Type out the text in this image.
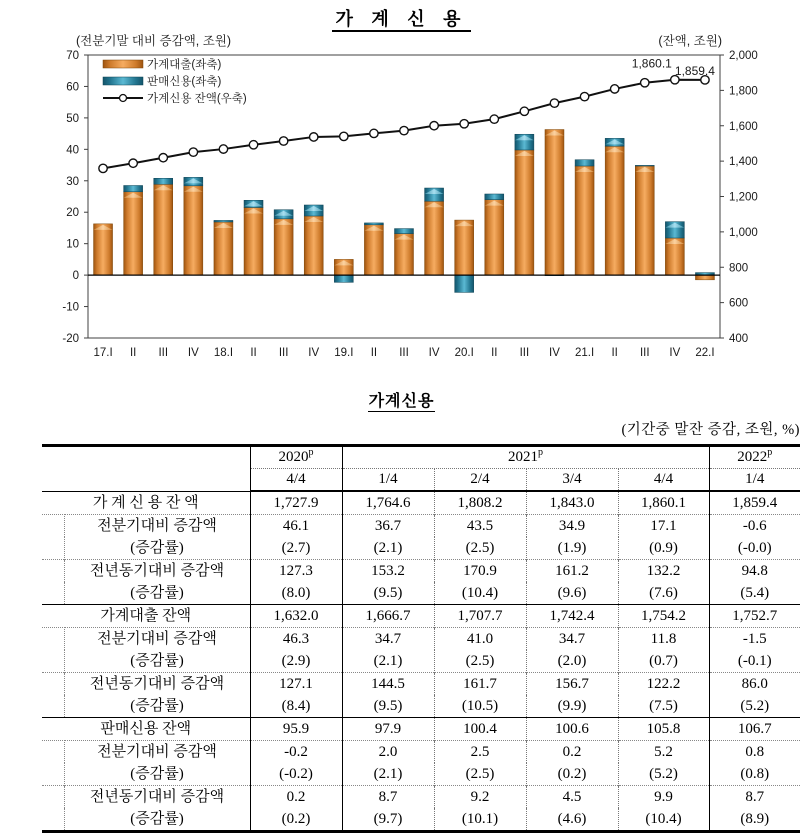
가 계 신 용
(전분기말 대비 증감액, 조원)	(잔액, 조원)
70
60
50
40
30
20
10
0
-10
-20
2,000
1,800
1,600
1,400
1,200
1,000
800
600
400
17.I II III IV 18.I II III IV 19.I II III IV 20.I II III IV 21.I II III IV 22.I
1,860.1
1,859.4
가계대출(좌축)
판매신용(좌축)
가계신용 잔액(우축)
가계신용
(기간중 말잔 증감, 조원, %)
		2020$^p$	2021$^p$				2022$^p$
		4/4	1/4	2/4	3/4	4/4	1/4
가 계 신 용 잔 액		1,727.9	1,764.6	1,808.2	1,843.0	1,860.1	1,859.4
	전분기대비 증감액	46.1	36.7	43.5	34.9	17.1	-0.6
	(증감률)	(2.7)	(2.1)	(2.5)	(1.9)	(0.9)	(-0.0)
	전년동기대비 증감액	127.3	153.2	170.9	161.2	132.2	94.8
	(증감률)	(8.0)	(9.5)	(10.4)	(9.6)	(7.6)	(5.4)
가계대출 잔액		1,632.0	1,666.7	1,707.7	1,742.4	1,754.2	1,752.7
	전분기대비 증감액	46.3	34.7	41.0	34.7	11.8	-1.5
	(증감률)	(2.9)	(2.1)	(2.5)	(2.0)	(0.7)	(-0.1)
	전년동기대비 증감액	127.1	144.5	161.7	156.7	122.2	86.0
	(증감률)	(8.4)	(9.5)	(10.5)	(9.9)	(7.5)	(5.2)
판매신용 잔액		95.9	97.9	100.4	100.6	105.8	106.7
	전분기대비 증감액	-0.2	2.0	2.5	0.2	5.2	0.8
	(증감률)	(-0.2)	(2.1)	(2.5)	(0.2)	(5.2)	(0.8)
	전년동기대비 증감액	0.2	8.7	9.2	4.5	9.9	8.7
	(증감률)	(0.2)	(9.7)	(10.1)	(4.6)	(10.4)	(8.9)
